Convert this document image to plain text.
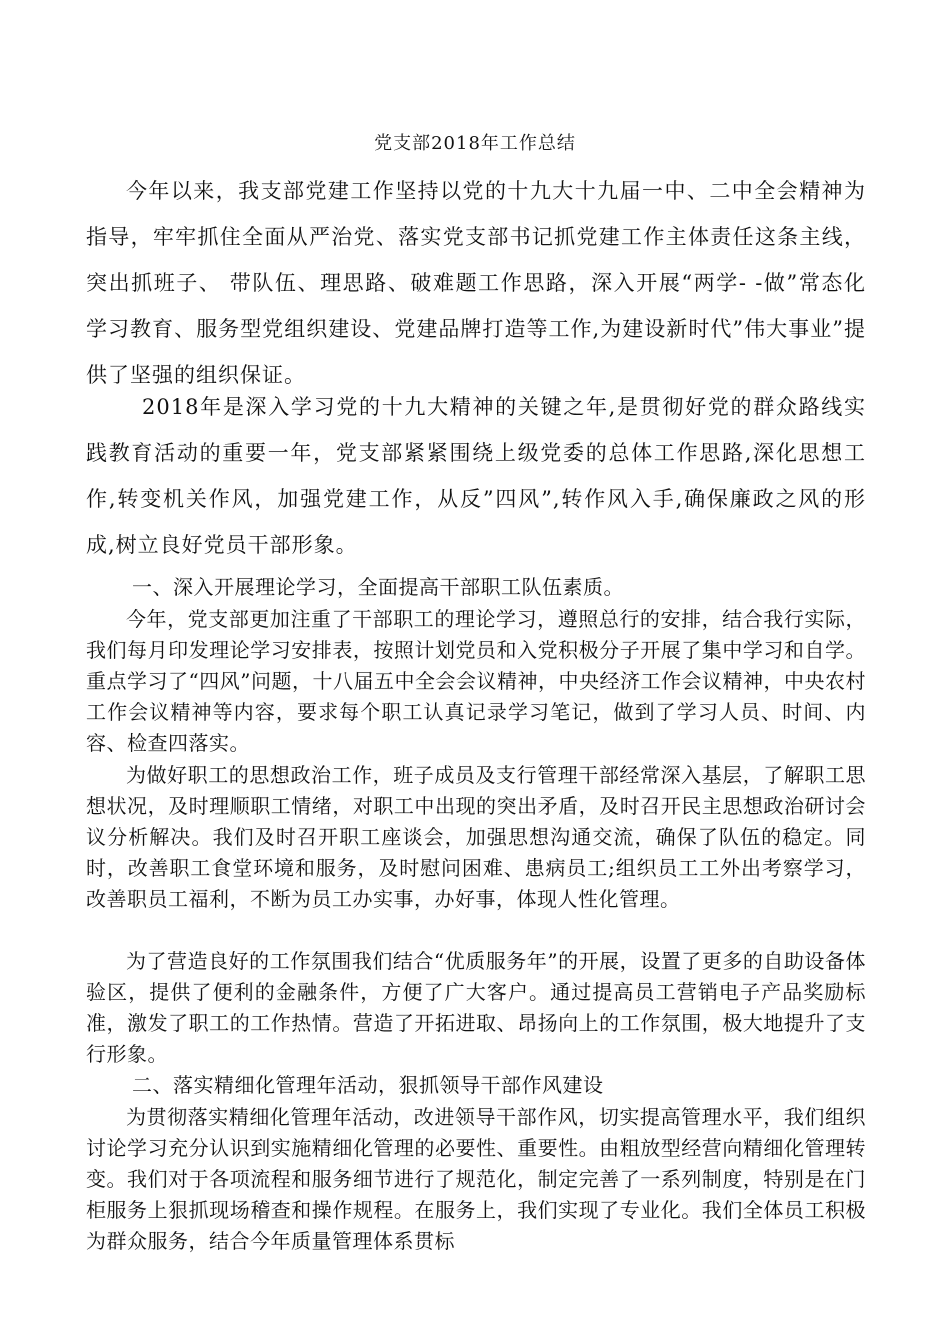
党支部2018年工作总结

今年以来，我支部党建工作坚持以党的十九大十九届一中、二中全会精神为指导，牢牢抓住全面从严治党、落实党支部书记抓党建工作主体责任这条主线，突出抓班子、 带队伍、理思路、破难题工作思路，深入开展“两学- -做”常态化学习教育、服务型党组织建设、党建品牌打造等工作,为建设新时代”伟大事业”提供了坚强的组织保证。

2018年是深入学习党的十九大精神的关键之年,是贯彻好党的群众路线实践教育活动的重要一年，党支部紧紧围绕上级党委的总体工作思路,深化思想工作,转变机关作风，加强党建工作，从反”四风”,转作风入手,确保廉政之风的形成,树立良好党员干部形象。

一、深入开展理论学习，全面提高干部职工队伍素质。

今年，党支部更加注重了干部职工的理论学习，遵照总行的安排，结合我行实际，我们每月印发理论学习安排表，按照计划党员和入党积极分子开展了集中学习和自学。重点学习了“四风”问题，十八届五中全会会议精神，中央经济工作会议精神，中央农村工作会议精神等内容，要求每个职工认真记录学习笔记，做到了学习人员、时间、内容、检查四落实。

为做好职工的思想政治工作，班子成员及支行管理干部经常深入基层，了解职工思想状况，及时理顺职工情绪，对职工中出现的突出矛盾，及时召开民主思想政治研讨会议分析解决。我们及时召开职工座谈会，加强思想沟通交流，确保了队伍的稳定。同时，改善职工食堂环境和服务，及时慰问困难、患病员工;组织员工工外出考察学习，改善职员工福利，不断为员工办实事，办好事，体现人性化管理。

为了营造良好的工作氛围我们结合“优质服务年”的开展，设置了更多的自助设备体验区，提供了便利的金融条件，方便了广大客户。通过提高员工营销电子产品奖励标准，激发了职工的工作热情。营造了开拓进取、昂扬向上的工作氛围，极大地提升了支行形象。

二、落实精细化管理年活动，狠抓领导干部作风建设

为贯彻落实精细化管理年活动，改进领导干部作风，切实提高管理水平，我们组织讨论学习充分认识到实施精细化管理的必要性、重要性。由粗放型经营向精细化管理转变。我们对于各项流程和服务细节进行了规范化，制定完善了一系列制度，特别是在门柜服务上狠抓现场稽查和操作规程。在服务上，我们实现了专业化。我们全体员工积极为群众服务，结合今年质量管理体系贯标
